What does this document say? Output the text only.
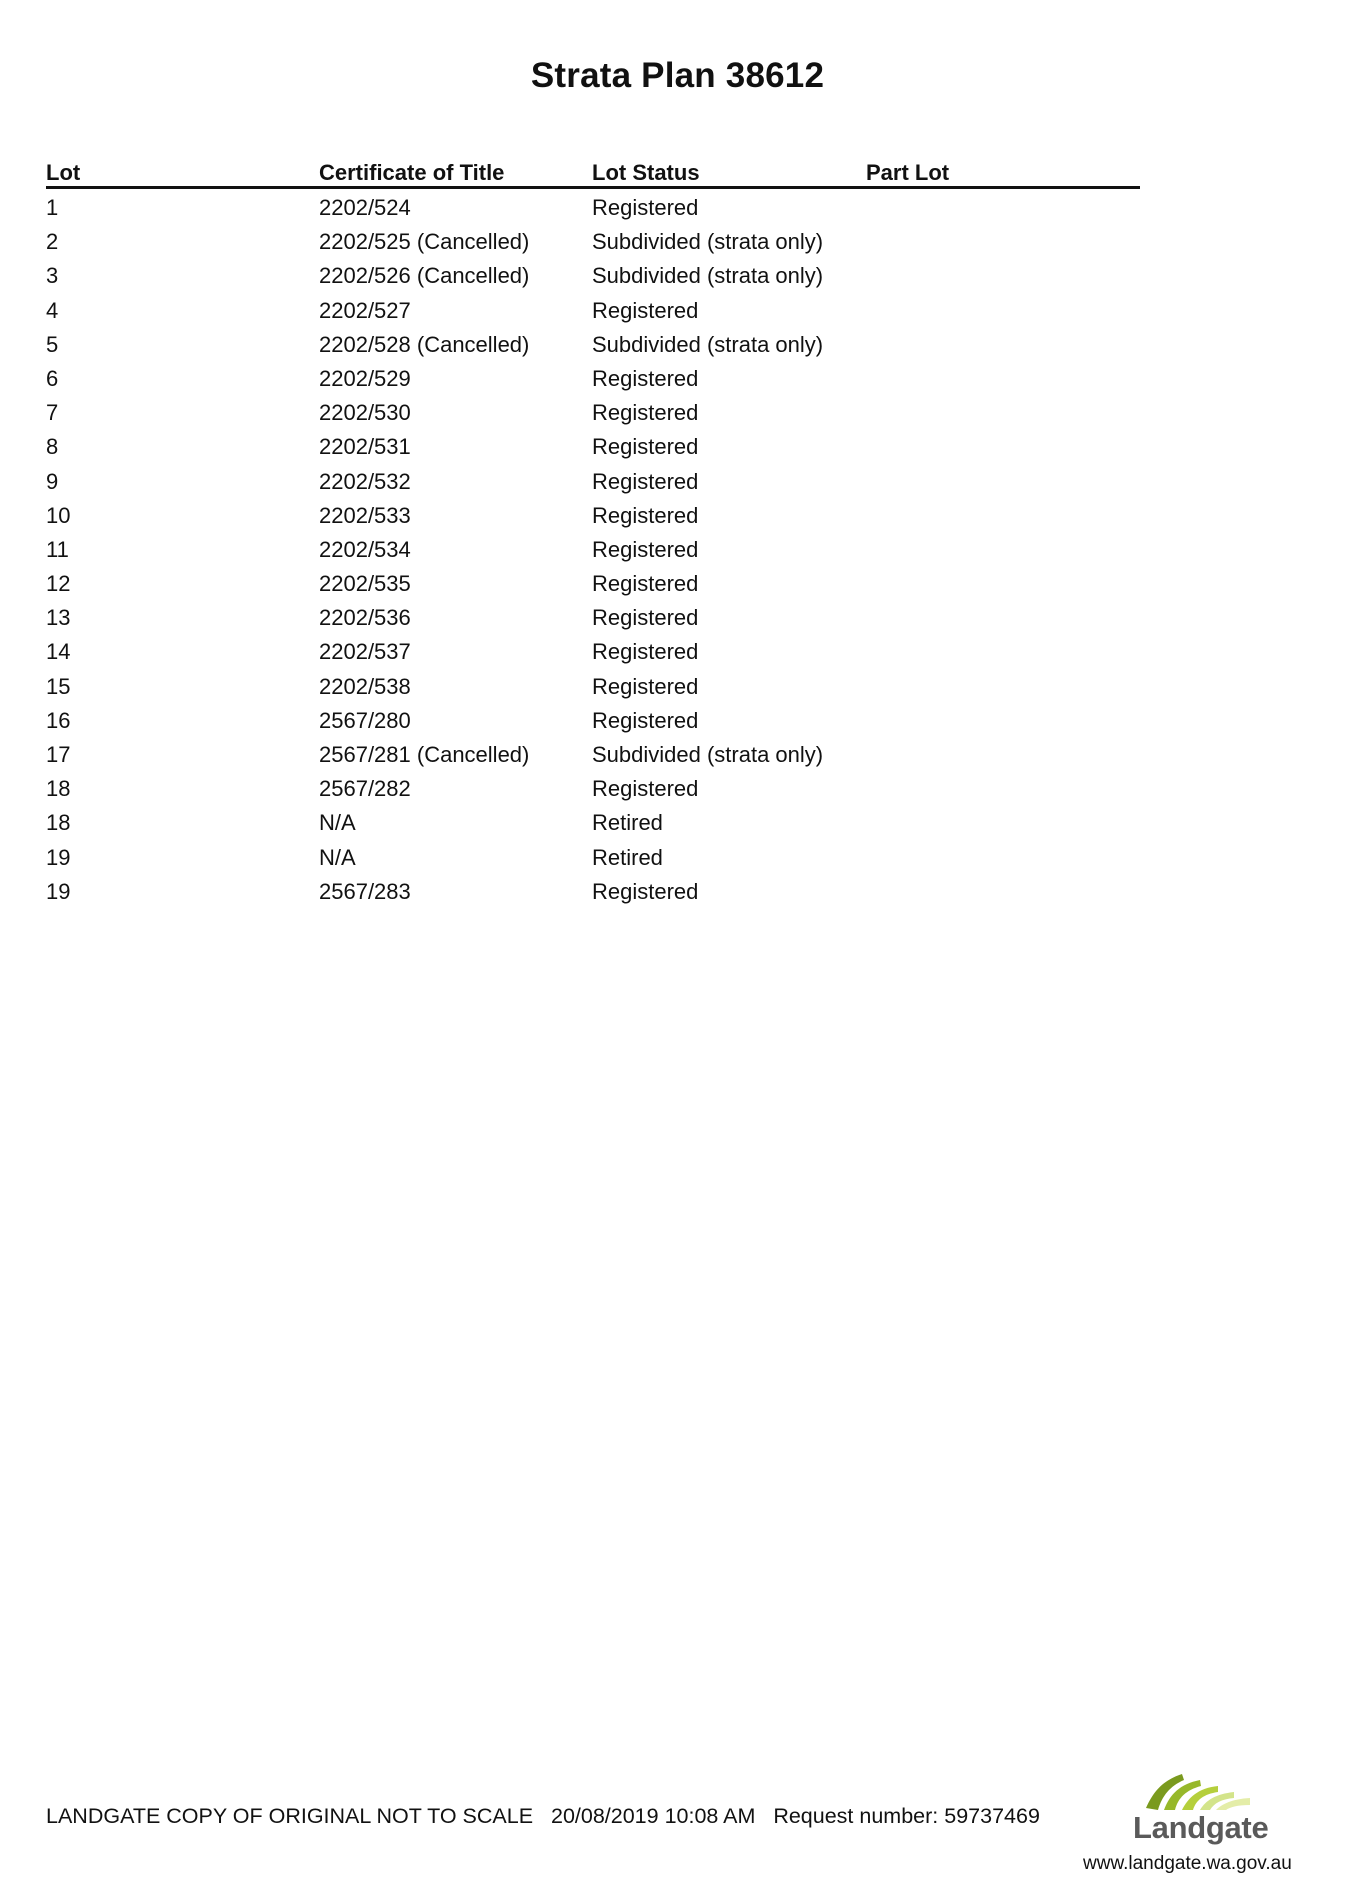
Strata Plan 38612
Lot	Certificate of Title	Lot Status	Part Lot
1	2202/524	Registered
2	2202/525 (Cancelled)	Subdivided (strata only)
3	2202/526 (Cancelled)	Subdivided (strata only)
4	2202/527	Registered
5	2202/528 (Cancelled)	Subdivided (strata only)
6	2202/529	Registered
7	2202/530	Registered
8	2202/531	Registered
9	2202/532	Registered
10	2202/533	Registered
11	2202/534	Registered
12	2202/535	Registered
13	2202/536	Registered
14	2202/537	Registered
15	2202/538	Registered
16	2567/280	Registered
17	2567/281 (Cancelled)	Subdivided (strata only)
18	2567/282	Registered
18	N/A	Retired
19	N/A	Retired
19	2567/283	Registered
LANDGATE COPY OF ORIGINAL NOT TO SCALE 20/08/2019 10:08 AM Request number: 59737469	Landgate
www.landgate.wa.gov.au
